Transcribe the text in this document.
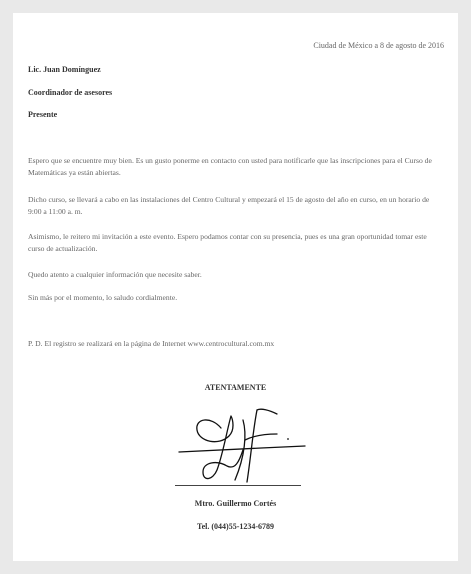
Ciudad de México a 8 de agosto de 2016
Lic. Juan Domínguez
Coordinador de asesores
Presente

Espero que se encuentre muy bien. Es un gusto ponerme en contacto con usted para notificarle que las inscripciones para el Curso de Matemáticas ya están abiertas.

Dicho curso, se llevará a cabo en las instalaciones del Centro Cultural y empezará el 15 de agosto del año en curso, en un horario de 9:00 a 11:00 a. m.

Asimismo, le reitero mi invitación a este evento. Espero podamos contar con su presencia, pues es una gran oportunidad tomar este curso de actualización.

Quedo atento a cualquier información que necesite saber.

Sin más por el momento, lo saludo cordialmente.

P. D. El registro se realizará en la página de Internet www.centrocultural.com.mx

ATENTAMENTE
Mtro. Guillermo Cortés
Tel. (044)55-1234-6789
